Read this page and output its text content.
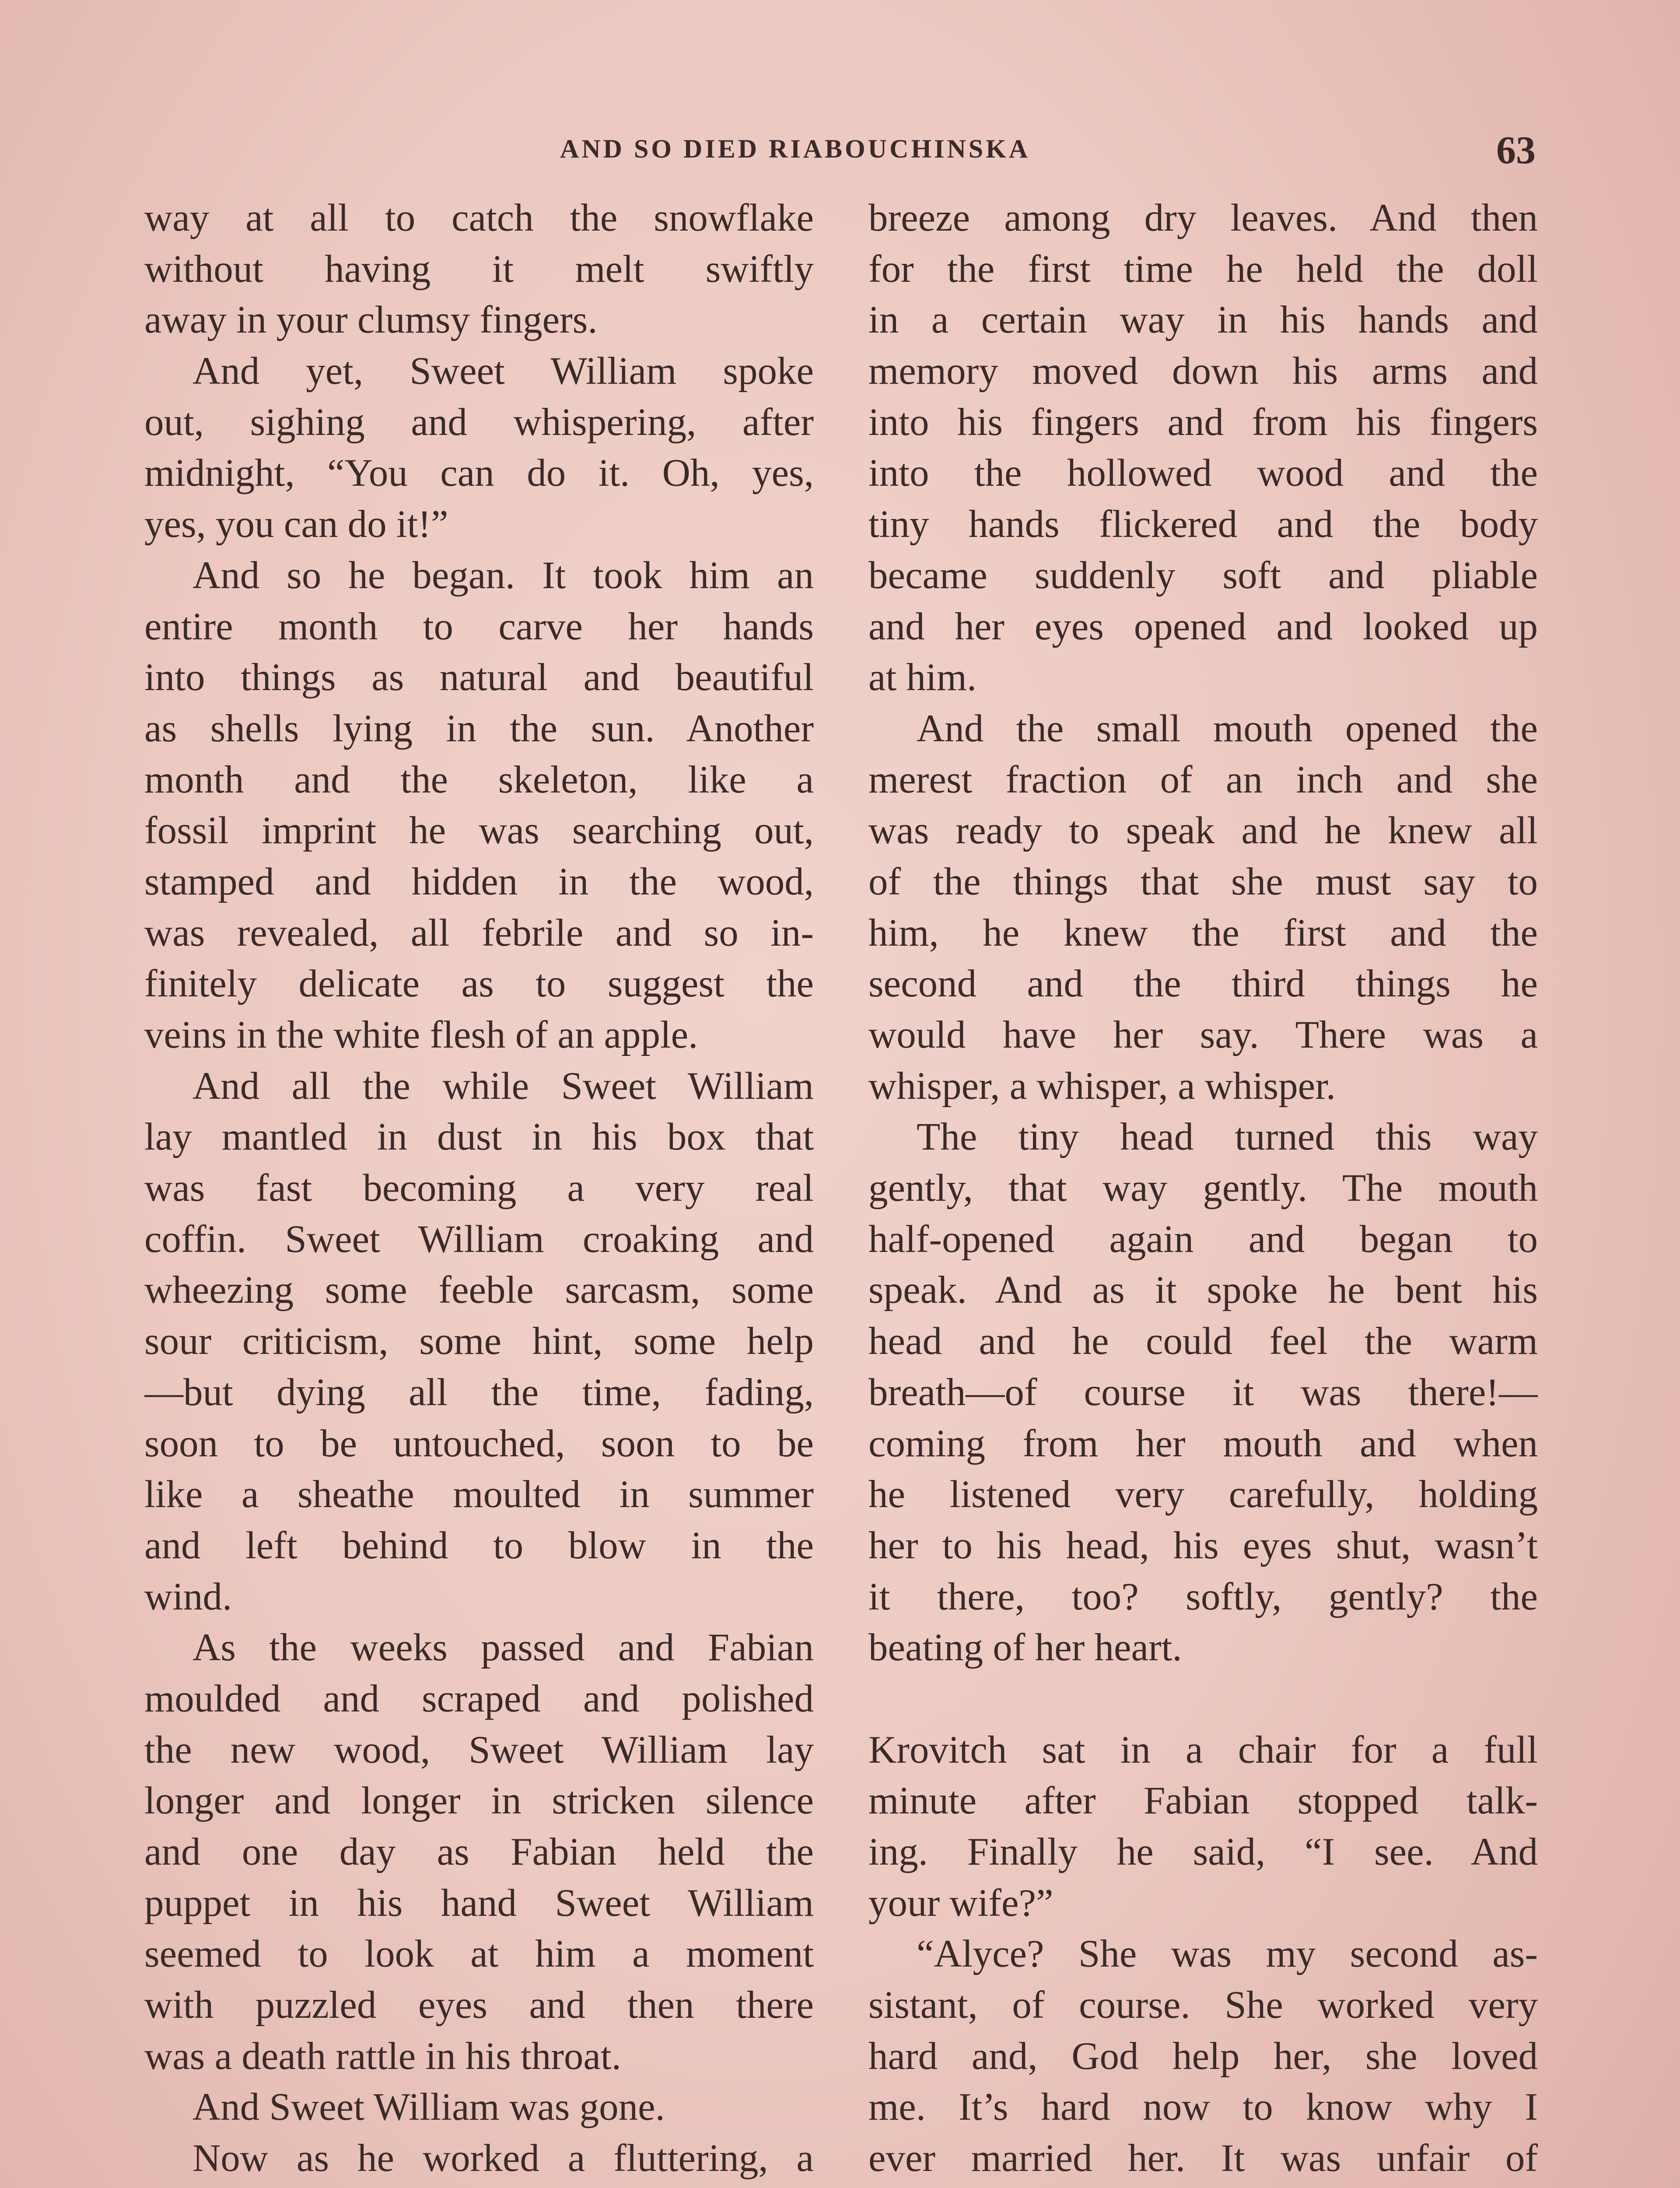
AND SO DIED RIABOUCHINSKA	63
way at all to catch the snowflake
without having it melt swiftly
away in your clumsy fingers.
And yet, Sweet William spoke
out, sighing and whispering, after
midnight, “You can do it. Oh, yes,
yes, you can do it!”
And so he began. It took him an
entire month to carve her hands
into things as natural and beautiful
as shells lying in the sun. Another
month and the skeleton, like a
fossil imprint he was searching out,
stamped and hidden in the wood,
was revealed, all febrile and so in-
finitely delicate as to suggest the
veins in the white flesh of an apple.
And all the while Sweet William
lay mantled in dust in his box that
was fast becoming a very real
coffin. Sweet William croaking and
wheezing some feeble sarcasm, some
sour criticism, some hint, some help
—but dying all the time, fading,
soon to be untouched, soon to be
like a sheathe moulted in summer
and left behind to blow in the
wind.
As the weeks passed and Fabian
moulded and scraped and polished
the new wood, Sweet William lay
longer and longer in stricken silence
and one day as Fabian held the
puppet in his hand Sweet William
seemed to look at him a moment
with puzzled eyes and then there
was a death rattle in his throat.
And Sweet William was gone.
Now as he worked a fluttering, a
breeze among dry leaves. And then
for the first time he held the doll
in a certain way in his hands and
memory moved down his arms and
into his fingers and from his fingers
into the hollowed wood and the
tiny hands flickered and the body
became suddenly soft and pliable
and her eyes opened and looked up
at him.
And the small mouth opened the
merest fraction of an inch and she
was ready to speak and he knew all
of the things that she must say to
him, he knew the first and the
second and the third things he
would have her say. There was a
whisper, a whisper, a whisper.
The tiny head turned this way
gently, that way gently. The mouth
half-opened again and began to
speak. And as it spoke he bent his
head and he could feel the warm
breath—of course it was there!—
coming from her mouth and when
he listened very carefully, holding
her to his head, his eyes shut, wasn’t
it there, too? softly, gently? the
beating of her heart.

Krovitch sat in a chair for a full
minute after Fabian stopped talk-
ing. Finally he said, “I see. And
your wife?”
“Alyce? She was my second as-
sistant, of course. She worked very
hard and, God help her, she loved
me. It’s hard now to know why I
ever married her. It was unfair of
